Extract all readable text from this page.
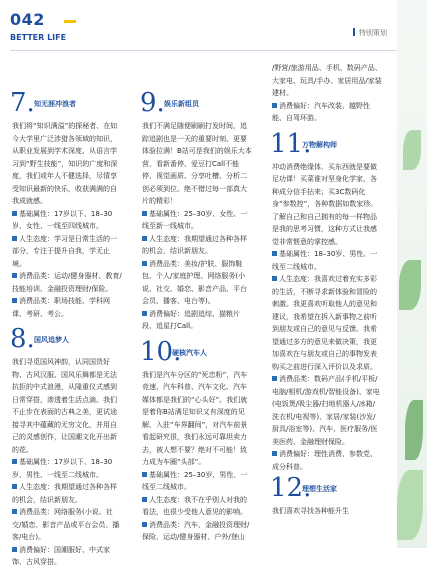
042
BETTER LIFE	特别策划
7. 知无涯冲浪者

我们将“知识满溢”的探秘者、在如今大学里广泛涉猎各领域的知识，从职业发展到学术深度、从语言学习到“野生技能”，知识的广度和深度，我们或年人不健选择，尽情享受知识最新的快乐，收获满满的自我成就感。

基础属性：17岁以下、18–30岁、女性、一线至四线城市。

人生态度：学习是日常生活的一部分，专注于提升自我，学无止境。

消费品类：运动/健身器材、教育/技能培训、金融投资理财/保险。

消费品类：职场技能、学科网课、考研、考公。

8. 国风追梦人

我们寻觅国风神韵，认同国货好物、古风汉服、国风乐舞都是无法抗拒的中式浪漫，从隆重仪式感到日常穿搭，渗透着生活点滴。我们不止步在表面的古典之美，更试途接寻其中蕴藏的无穷文化，并用自己的灵感创作，让国潮文化开出新的花。

基础属性：17岁以下、18–30岁、男性、一线至二线城市。

人生态度：我期望通过各种各样的机会，结识新朋友。

消费品类：网络服务(小说、社交/婚恋、影音产品或平台会员、播客/电台)。

消费偏好：国潮服好、中式家饰、古风穿搭。

9. 娱乐新组员

我们不满足随便刷刷打发时间，追踪追剧也是一天的重要时刻、更要体验拉满！B站可是我们的娱乐大本营，看新番停、爱豆打Call不能停、视觉画质、分享吐槽、分析二创必须到位。绝不错过每一部真大片的精彩！

基础属性：25–30岁、女性、一线至新一线城市。

人生态度：我期望通过各种各样的机会，结识新朋友。

消费品类：美妆/护肤、服饰鞋包、个人/家庭护理、网络服务(小说、社交、婚恋、影音产品、平台会员、播客、电台等)。

消费偏好：追剧追综、猫粮片段、追星打Call。

10.
硬核汽车人

我们是汽车分区的“死忠粉”，汽车竞速、汽车科普、汽车文化、汽车媒体都是我们的“心头好”。我们就是着你B站满足知识又有深度的见解、入驻“车界翻间”，对汽车前景看起研究很，我们永远可靠坦卖力去，被人想不要？绝对不可能！致力成为车圈“头部”。

基础属性：25–30岁、男性、一线至二线城市。

人生态度：我不在乎别人对我的看法，也很少受他人意见的影响。

消费品类：汽车、金融投资理财/保险、运动/健身器材、户外/登山

/野营/旅游用品、手机、数码产品、大家电、玩具/手办、家居用品/家装建材。

消费偏好：汽车改装、越野性能、自驾环游。

11.
万物解构师

冲动消费绝缘体，买东西就是要做足功课！买菜谁对坚身化学家，各种成分信手拈来；买3C数码化身“参数控”，各种数据如数家珍。了解自己和自己拥有的每一样物品是我的思考习惯，这种方式让我感觉非常惬意的掌控感。

基础属性：18–30岁、男性、一线至二线城市。

人生态度：我喜欢过着充实多彩的生活，不断寻求新体验和冒险的刺激。我更喜欢听取他人的意见和建议，我希望在拆入新事物之前听到朋友或自己的意见与反馈。我希望通过多方的意见来做决策，我更加喜欢在与朋友或自己的事物发表购买之前进行深入评价以及求质。

消费品类：数码产品(手机/平板/电脑/相机/游戏机/智能设备)、家电(电饭煲/吸尘器/扫地机器人/冰箱/洗衣机/电视等)、家居/家装(沙发/厨具/浴室等)、汽车、医疗服务/医美医药、金融理财保险。

消费偏好：理性消费、参数党、成分科普。

12.
理想生活家

我们喜欢寻找各种能升生
